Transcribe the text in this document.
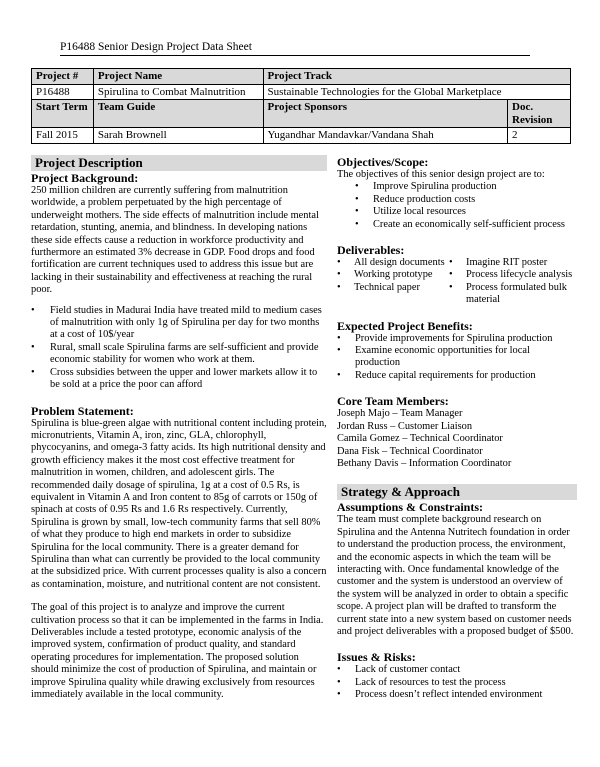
P16488 Senior Design Project Data Sheet
Project #	Project Name	Project Track	
P16488	Spirulina to Combat Malnutrition	Sustainable Technologies for the Global Marketplace	
Start Term	Team Guide	Project Sponsors	Doc. Revision
Fall 2015	Sarah Brownell	Yugandhar Mandavkar/Vandana Shah	2
Project Description
Project Background:

250 million children are currently suffering from malnutrition worldwide, a problem perpetuated by the high percentage of underweight mothers. The side effects of malnutrition include mental retardation, stunting, anemia, and blindness. In developing nations these side effects cause a reduction in workforce productivity and furthermore an estimated 3% decrease in GDP. Food drops and food fortification are current techniques used to address this issue but are lacking in their sustainability and effectiveness at reaching the rural poor.

• Field studies in Madurai India have treated mild to medium cases of malnutrition with only 1g of Spirulina per day for two months at a cost of 10$/year
• Rural, small scale Spirulina farms are self-sufficient and provide economic stability for women who work at them.
• Cross subsidies between the upper and lower markets allow it to be sold at a price the poor can afford
Problem Statement:

Spirulina is blue-green algae with nutritional content including protein, micronutrients, Vitamin A, iron, zinc, GLA, chlorophyll, phycocyanins, and omega-3 fatty acids. Its high nutritional density and growth efficiency makes it the most cost effective treatment for malnutrition in women, children, and adolescent girls. The recommended daily dosage of spirulina, 1g at a cost of 0.5 Rs, is equivalent in Vitamin A and Iron content to 85g of carrots or 150g of spinach at costs of 0.95 Rs and 1.6 Rs respectively. Currently, Spirulina is grown by small, low-tech community farms that sell 80% of what they produce to high end markets in order to subsidize Spirulina for the local community. There is a greater demand for Spirulina than what can currently be provided to the local community at the subsidized price. With current processes quality is also a concern as contamination, moisture, and nutritional content are not consistent.

The goal of this project is to analyze and improve the current cultivation process so that it can be implemented in the farms in India. Deliverables include a tested prototype, economic analysis of the improved system, confirmation of product quality, and standard operating procedures for implementation. The proposed solution should minimize the cost of production of Spirulina, and maintain or improve Spirulina quality while drawing exclusively from resources immediately available in the local community.

Objectives/Scope:

The objectives of this senior design project are to:

• Improve Spirulina production
• Reduce production costs
• Utilize local resources
• Create an economically self-sufficient process
Deliverables:
• All design documents
• Working prototype
• Technical paper
• Imagine RIT poster
• Process lifecycle analysis
• Process formulated bulk material
Expected Project Benefits:
• Provide improvements for Spirulina production
• Examine economic opportunities for local production
• Reduce capital requirements for production
Core Team Members:

Joseph Majo – Team Manager

Jordan Russ – Customer Liaison

Camila Gomez – Technical Coordinator

Dana Fisk – Technical Coordinator

Bethany Davis – Information Coordinator

Strategy & Approach
Assumptions & Constraints:

The team must complete background research on Spirulina and the Antenna Nutritech foundation in order to understand the production process, the environment, and the economic aspects in which the team will be interacting with. Once fundamental knowledge of the customer and the system is understood an overview of the system will be analyzed in order to obtain a specific scope. A project plan will be drafted to transform the current state into a new system based on customer needs and project deliverables with a proposed budget of $500.

Issues & Risks:
• Lack of customer contact
• Lack of resources to test the process
• Process doesn’t reflect intended environment
